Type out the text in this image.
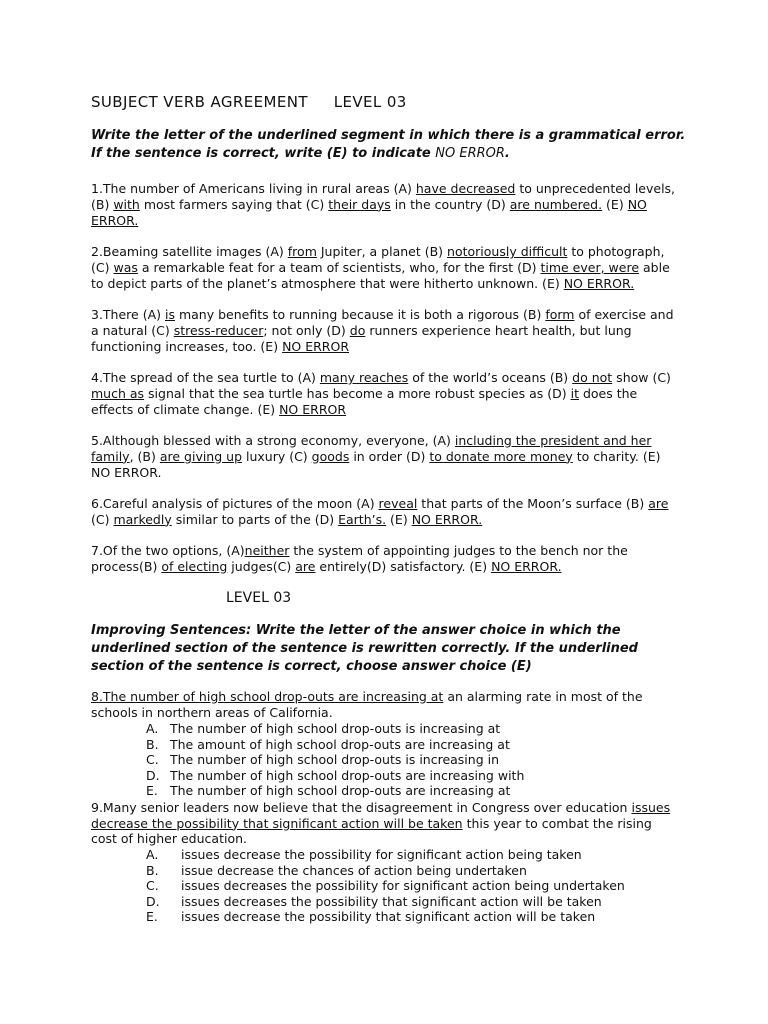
SUBJECT VERB AGREEMENT     LEVEL 03
Write the letter of the underlined segment in which there is a grammatical error.
If the sentence is correct, write (E) to indicate NO ERROR.
1.The number of Americans living in rural areas (A) have decreased to unprecedented levels, (B) with most farmers saying that (C) their days in the country (D) are numbered. (E) NO ERROR.
2.Beaming satellite images (A) from Jupiter, a planet (B) notoriously difficult to photograph, (C) was a remarkable feat for a team of scientists, who, for the first (D) time ever, were able to depict parts of the planet’s atmosphere that were hitherto unknown. (E) NO ERROR.
3.There (A) is many benefits to running because it is both a rigorous (B) form of exercise and a natural (C) stress-reducer; not only (D) do runners experience heart health, but lung functioning increases, too. (E) NO ERROR
4.The spread of the sea turtle to (A) many reaches of the world’s oceans (B) do not show (C) much as signal that the sea turtle has become a more robust species as (D) it does the effects of climate change. (E) NO ERROR
5.Although blessed with a strong economy, everyone, (A) including the president and her family, (B) are giving up luxury (C) goods in order (D) to donate more money to charity. (E) NO ERROR.
6.Careful analysis of pictures of the moon (A) reveal that parts of the Moon’s surface (B) are (C) markedly similar to parts of the (D) Earth’s. (E) NO ERROR.
7.Of the two options, (A)neither the system of appointing judges to the bench nor the process(B) of electing judges(C) are entirely(D) satisfactory. (E) NO ERROR.
LEVEL 03
Improving Sentences: Write the letter of the answer choice in which the underlined section of the sentence is rewritten correctly. If the underlined section of the sentence is correct, choose answer choice (E)
8.The number of high school drop-outs are increasing at an alarming rate in most of the schools in northern areas of California.
A. The number of high school drop-outs is increasing at
B. The amount of high school drop-outs are increasing at
C. The number of high school drop-outs is increasing in
D. The number of high school drop-outs are increasing with
E. The number of high school drop-outs are increasing at
9.Many senior leaders now believe that the disagreement in Congress over education issues decrease the possibility that significant action will be taken this year to combat the rising cost of higher education.
A. issues decrease the possibility for significant action being taken
B. issue decrease the chances of action being undertaken
C. issues decreases the possibility for significant action being undertaken
D. issues decreases the possibility that significant action will be taken
E. issues decrease the possibility that significant action will be taken
